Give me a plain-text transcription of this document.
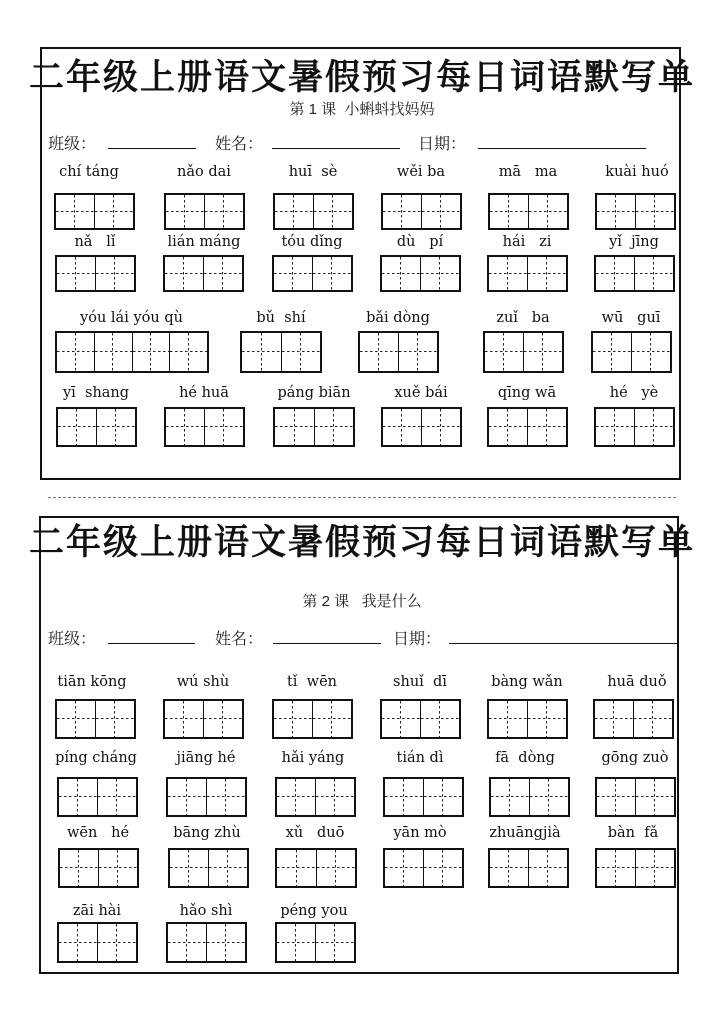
二年级上册语文暑假预习每日词语默写单
第 1 课  小蝌蚪找妈妈
班级：	姓名：	日期：
chí táng	nǎo dai	huī  sè	wěi ba	mā   ma	kuài huó
nǎ   lǐ	lián máng	tóu dǐng	dù   pí	hái   zi	yǐ  jīng
yóu lái yóu qù	bǔ  shí	bǎi dòng	zuǐ   ba	wū   guī
yī  shang	hé huā	páng biān	xuě bái	qīng wā	hé   yè
二年级上册语文暑假预习每日词语默写单
第 2 课   我是什么
班级：	姓名：	日期：
tiān kōng	wú shù	tǐ  wēn	shuǐ  dī	bàng wǎn	huā duǒ
píng cháng	jiāng hé	hǎi yáng	tián dì	fā  dòng	gōng zuò
wēn   hé	bāng zhù	xǔ   duō	yān mò	zhuāngjià	bàn  fǎ
zāi hài	hǎo shì	péng you
